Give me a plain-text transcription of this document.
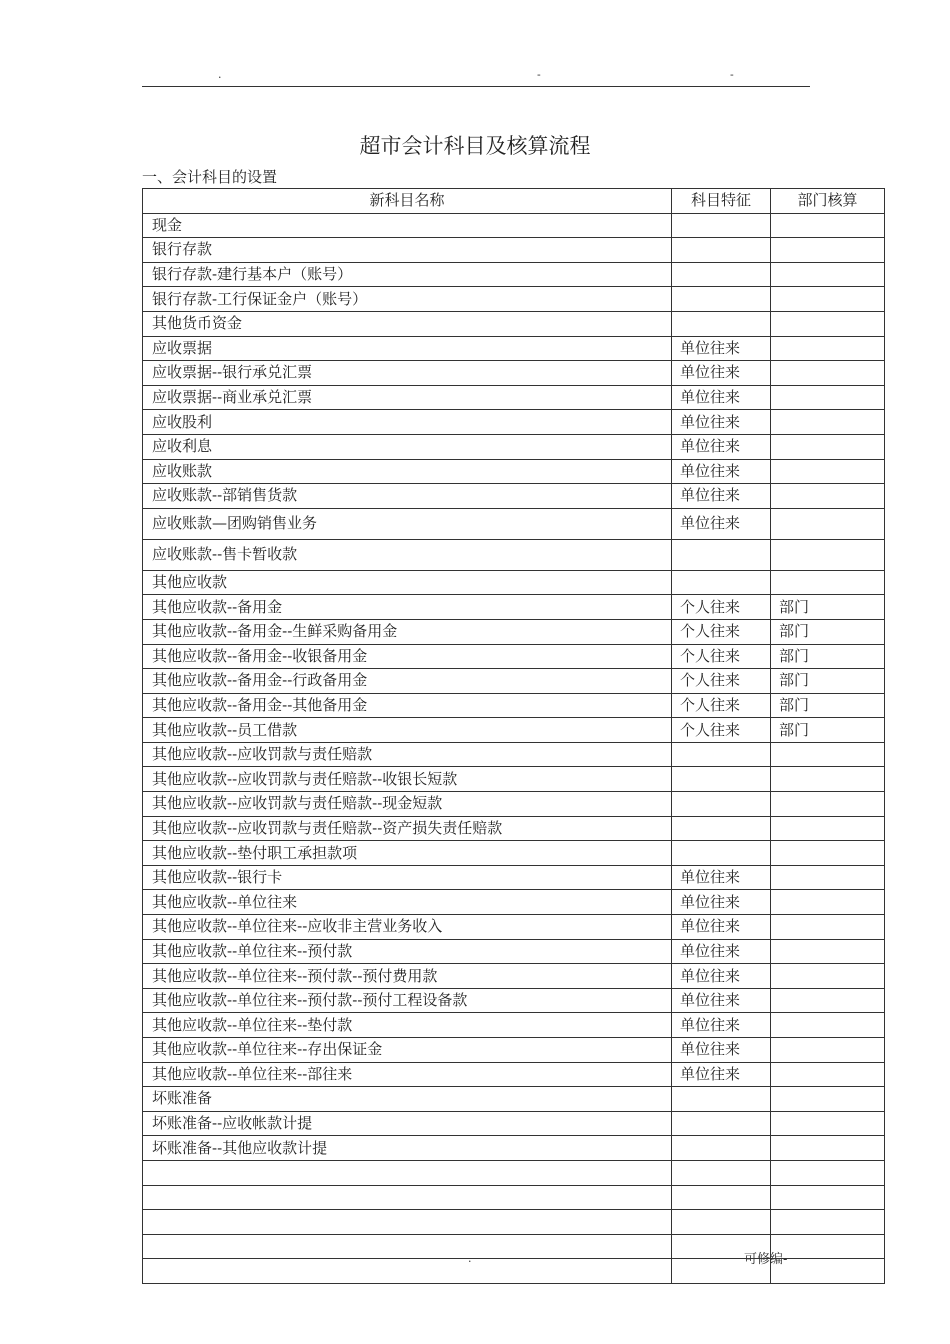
.	-	-
超市会计科目及核算流程
一、会计科目的设置
新科目名称	科目特征	部门核算
现金		
银行存款		
银行存款-建行基本户（账号）		
银行存款-工行保证金户（账号）		
其他货币资金		
应收票据	单位往来	
应收票据--银行承兑汇票	单位往来	
应收票据--商业承兑汇票	单位往来	
应收股利	单位往来	
应收利息	单位往来	
应收账款	单位往来	
应收账款--部销售货款	单位往来	
应收账款—团购销售业务	单位往来	
应收账款--售卡暂收款		
其他应收款		
其他应收款--备用金	个人往来	部门
其他应收款--备用金--生鲜采购备用金	个人往来	部门
其他应收款--备用金--收银备用金	个人往来	部门
其他应收款--备用金--行政备用金	个人往来	部门
其他应收款--备用金--其他备用金	个人往来	部门
其他应收款--员工借款	个人往来	部门
其他应收款--应收罚款与责任赔款		
其他应收款--应收罚款与责任赔款--收银长短款		
其他应收款--应收罚款与责任赔款--现金短款		
其他应收款--应收罚款与责任赔款--资产损失责任赔款		
其他应收款--垫付职工承担款项		
其他应收款--银行卡	单位往来	
其他应收款--单位往来	单位往来	
其他应收款--单位往来--应收非主营业务收入	单位往来	
其他应收款--单位往来--预付款	单位往来	
其他应收款--单位往来--预付款--预付费用款	单位往来	
其他应收款--单位往来--预付款--预付工程设备款	单位往来	
其他应收款--单位往来--垫付款	单位往来	
其他应收款--单位往来--存出保证金	单位往来	
其他应收款--单位往来--部往来	单位往来	
坏账准备		
坏账准备--应收帐款计提		
坏账准备--其他应收款计提		

.	可修编-
